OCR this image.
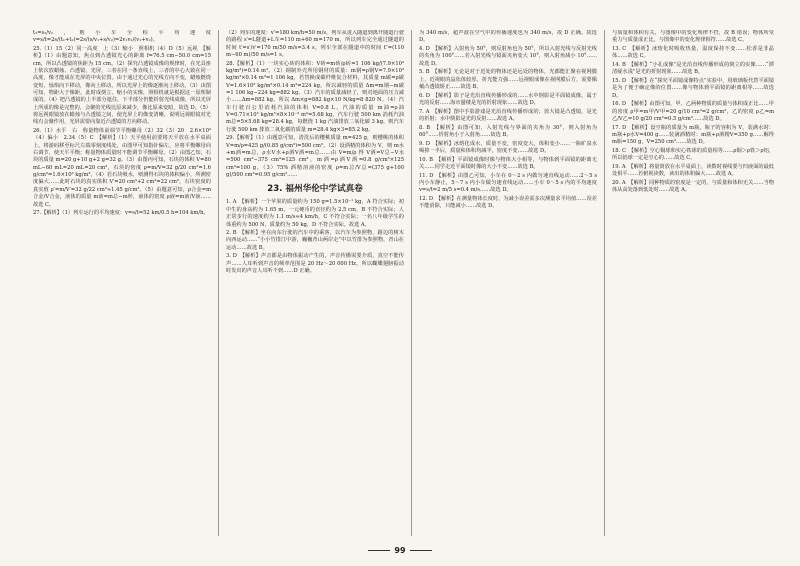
t₂=s₂/v₂，则小车全程平均速度 v=s/t=2s/(t₁+t₂)=2s/(s/v₁+s/v₂)=2v₁v₂/(v₁+v₂)。
25.（1）15（2）同一高度　上（3）缩小　照相机（4）D（5）远视　【解析】（1）由题意知，焦点到凸透镜光心的距离 f=76.5 cm−50.0 cm=15 cm，所以凸透镜的焦距为 15 cm。（2）探究凸透镜成像的规律时，在光具座上依次放蜡烛、凸透镜、光屏，三者在同一条直线上，三者的中心大致在同一高度，像才能成在光屏的中央位置。由于通过光心的光线方向不变，蜡烛燃烧变短，烛焰向下移动，像向上移动，所以光屏上的像逐渐向上移动。（3）由图可知，物距大于像距，此时成倒立、缩小的实像，照相机就是根据这一原理制成的。（4）把凸透镜的上半部分遮住，下半部分仍能折射光线成像，所以光屏上所成的像是完整的，会聚的光线比原来减少，像比原来变暗，故选 D。（5）将远视眼镜放在蜡烛与凸透镜之间，使光屏上的像变清晰，说明远视眼镜对光线有会聚作用，光屏需要向靠近凸透镜的方向移动。
26.（1）水平　右　称量物体前调节平衡螺母（2）32（3）20　2.6×10³（4）偏小　2.34（5）C　【解析】（1）天平使用前要将天平放在水平桌面上，将游码移至标尺左端零刻度线处，由图甲可知指针偏左，应将平衡螺母向右调节，使天平平衡；称量物体质量时不能调节平衡螺母。（2）由图乙知，石块的质量 m=20 g+10 g+2 g=32 g。（3）由图丙可知，石块的体积 V=80 mL−60 mL=20 mL=20 cm³，石块的密度 ρ=m/V=32 g/20 cm³=1.6 g/cm³=1.6×10³ kg/m³。（4）若石块吸水，则测得石块的体积偏小，所测密度偏大……此时石块的真实体积 V′=20 cm³+2 cm³=22 cm³，石块密度的真实值 ρ′=m/V′=32 g/22 cm³≈1.45 g/cm³。（5）由题意可知，ρ合金=m合金/V合金，液体的质量 m液=m总−m杯，液体的密度 ρ液=m液/V液……故选 C。
27.【解析】（1）列车运行的平均速度：v=s/t=52 km/0.5 h=104 km/h。
（2）列车的速度：v′=180 km/h=50 m/s，列车从进入隧道到离开隧道行驶的路程 s′=L隧道+L车=110 m+60 m=170 m，所以列车完全通过隧道的时间 t′=s′/v′=170 m/50 m/s=3.4 s，列车全部在隧道中的时间 t″=(110 m−60 m)/50 m/s=1 s。
28.【解析】（1）一块实心砖的体积：V砖=m砖/ρ砖=1 106 kg/(7.9×10³ kg/m³)=0.14 m³。（2）钢制外壳所用钢材的质量：m钢=ρ钢V=7.9×10³ kg/m³×0.14 m³=1 106 kg，若替换成碳纤维复合材料，其质量 m碳=ρ碳V=1.6×10³ kg/m³×0.14 m³=224 kg，所以减轻的质量 Δm=m钢−m碳=1 106 kg−224 kg=882 kg。（3）汽车的质量减轻了，则对地面的压力减小……Δm=882 kg，所以 Δm×g=882 kg×10 N/kg=8 820 N。（4）汽车行驶百公里消耗汽油的体积 V=0.8 L，汽油的质量 m油=ρ油V=0.71×10³ kg/m³×8×10⁻³ m³=5.68 kg，汽车行驶 500 km 消耗汽油 m总=5×5.68 kg=28.4 kg，每燃烧 1 kg 汽油排放二氧化碳 3 kg，则汽车行驶 500 km 排放二氧化碳的质量 m=28.4 kg×3=85.2 kg。
29.【解析】（1）由题意可知，清洗后的樱桃质量 m=425 g，则樱桃的体积 V=m/ρ=425 g/(0.85 g/cm³)=500 cm³。（2）设酒精的体积为 V，则 m水+m酒=m总，ρ水V水+ρ酒V酒=m总……由 V=m/ρ 得 V酒=V总−V水=500 cm³−375 cm³=125 cm³，m酒=ρ酒V酒=0.8 g/cm³×125 cm³=100 g。（3）75% 酒精溶液的密度 ρ=m总/V总=(375 g+100 g)/500 cm³=0.95 g/cm³……
23. 福州华伦中学试真卷
1. A　【解析】一个苹果的质量约为 150 g=1.5×10⁻¹ kg，A 符合实际；初中生的身高约为 1.65 m，一元硬币的直径约为 2.5 cm，B 不符合实际；人正常步行的速度约为 1.1 m/s≈4 km/h，C 不符合实际；一名八年级学生的体重约为 500 N，质量约为 50 kg，D 不符合实际。故选 A。
2. B　【解析】坐在向东行驶的汽车中的乘客，以汽车为参照物，路边的树木向西运动……“小小竹排江中游，巍巍青山两岸走”中以竹排为参照物，青山在运动……故选 B。
3. D　【解析】声音都是由物体振动产生的，声音传播需要介质，真空不能传声……人耳听到声音的频率范围是 20 Hz～20 000 Hz，所以蝴蝶翅膀振动时发出的声音人耳听不到……D 正确。
为 340 m/s，超声波在空气中的传播速度也为 340 m/s，故 D 正确。故选 D。
4. D　【解析】入射角为 50°，则反射角也为 50°，所以入射光线与反射光线的夹角为 100°……若入射光线与镜面夹角变大 10°，则入射角减小 10°……故选 D。
5. B　【解析】无论是对于近处的物体还是远处的物体，光都能汇聚在视网膜上，近视眼的晶状体较厚，折光能力强……远视眼成像在视网膜后方，需要佩戴凸透镜矫正……故选 B。
6. D　【解析】影子是光沿直线传播形成的……水中倒影是平面镜成像，属于光的反射……海市蜃楼是光的折射现象……故选 D。
7. A　【解析】图中手影游戏是光沿直线传播形成的；放大镜是凸透镜，是光的折射；水中倒影是光的反射……故选 A。
8. B　【解析】由图可知，入射光线与界面的夹角为 30°，则入射角为 60°……折射角小于入射角……故选 B。
9. D　【解析】冰熔化成水，质量不变，密度变大，体积变小……一瓶矿泉水喝掉一半后，质量和体积均减半，密度不变……故选 D。
10. B　【解析】平面镜成像时像与物体大小相等，与物体到平面镜的距离无关……同学走近平面镜时像的大小不变……故选 B。
11. D　【解析】由图乙可知，小车在 0～2 s 内做匀速直线运动……2～5 s 内小车静止，5～7 s 内小车做匀速直线运动……小车 0～5 s 内的平均速度 v=s/t=2 m/5 s=0.4 m/s……故选 D。
12. D　【解析】在测量物体长度时，为减小误差需多次测量求平均值……误差不能消除，只能减小……故选 D。
与质量和体积有关，与图像中的变化规律不符，故 B 错误；物体所受重力与质量成正比，与图像中的变化规律相符……故选 C。
13. C　【解析】冰熔化时吸收热量，温度保持不变……松香是非晶体……故选 C。
14. B　【解析】“小孔成像”是光沿直线传播形成的倒立的实像……“潭清疑水浅”是光的折射现象……故选 B。
15. D　【解析】在“探究平面镜成像特点”实验中，用玻璃板代替平面镜是为了便于确定像的位置……像与物体到平面镜的距离相等……故选 D。
16. D　【解析】由图可知，甲、乙两种物质的质量与体积成正比……甲的密度 ρ甲=m甲/V甲=20 g/10 cm³=2 g/cm³，乙的密度 ρ乙=m乙/V乙=10 g/20 cm³=0.5 g/cm³……故选 D。
17. D　【解析】设空瓶的质量为 m瓶，瓶子的容积为 V，装满水时：m瓶+ρ水V=400 g……装满酒精时：m瓶+ρ酒精V=350 g……解得 m瓶=150 g，V=250 cm³……故选 D。
18. C　【解析】空心铜球和实心铁球的质量相等……ρ铜＞ρ铁＞ρ铝，所以铝球一定是空心的……故选 C。
19. A　【解析】将量筒放在水平桌面上，读数时视线要与凹液面的最低处相平……若俯视读数，读出的体积偏大……故选 A。
20. A　【解析】同种物质的密度是一定的，与质量和体积无关……当物体从高处落到低处时……故选 A。
99
